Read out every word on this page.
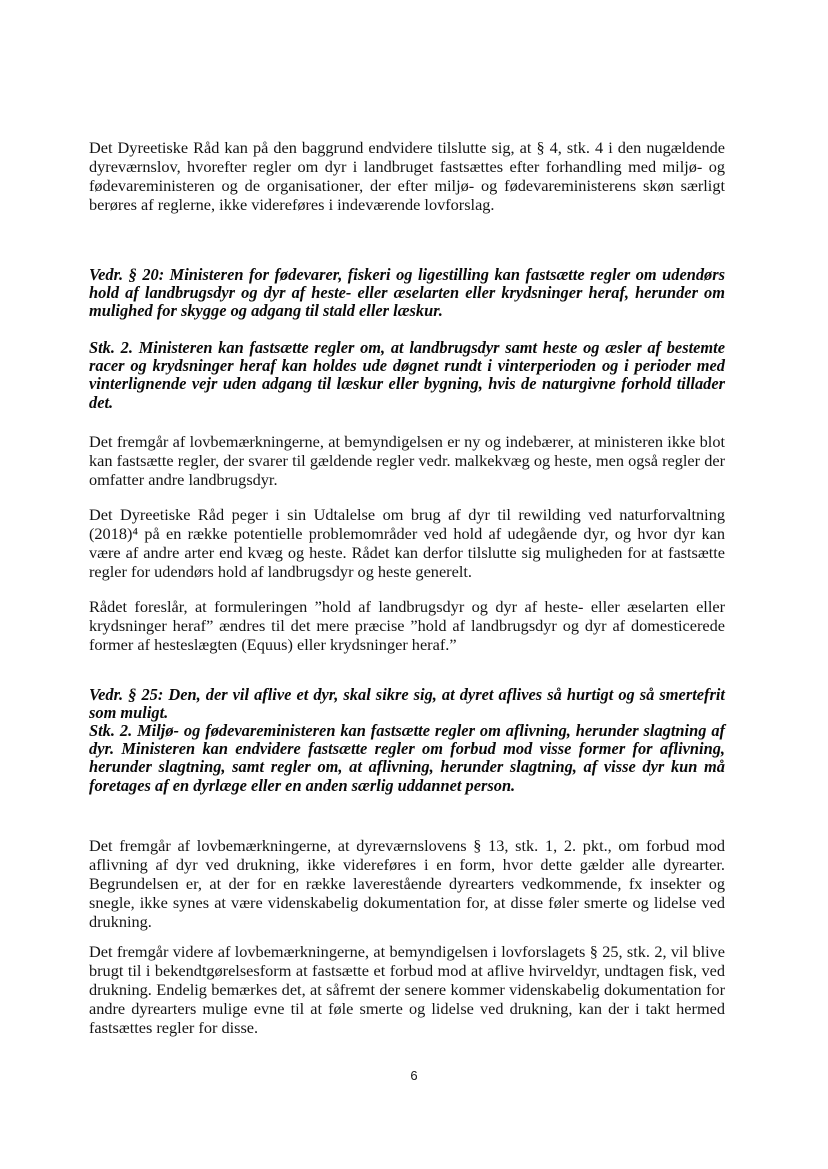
Det Dyreetiske Råd kan på den baggrund endvidere tilslutte sig, at § 4, stk. 4 i den nugældende dyreværnslov, hvorefter regler om dyr i landbruget fastsættes efter forhandling med miljø- og fødevareministeren og de organisationer, der efter miljø- og fødevareministerens skøn særligt berøres af reglerne, ikke videreføres i indeværende lovforslag.

Vedr. § 20: Ministeren for fødevarer, fiskeri og ligestilling kan fastsætte regler om udendørs hold af landbrugsdyr og dyr af heste- eller æselarten eller krydsninger heraf, herunder om mulighed for skygge og adgang til stald eller læskur.

Stk. 2. Ministeren kan fastsætte regler om, at landbrugsdyr samt heste og æsler af bestemte racer og krydsninger heraf kan holdes ude døgnet rundt i vinterperioden og i perioder med vinterlignende vejr uden adgang til læskur eller bygning, hvis de naturgivne forhold tillader det.

Det fremgår af lovbemærkningerne, at bemyndigelsen er ny og indebærer, at ministeren ikke blot kan fastsætte regler, der svarer til gældende regler vedr. malkekvæg og heste, men også regler der omfatter andre landbrugsdyr.

Det Dyreetiske Råd peger i sin Udtalelse om brug af dyr til rewilding ved naturforvaltning (2018)⁴ på en række potentielle problemområder ved hold af udegående dyr, og hvor dyr kan være af andre arter end kvæg og heste. Rådet kan derfor tilslutte sig muligheden for at fastsætte regler for udendørs hold af landbrugsdyr og heste generelt.

Rådet foreslår, at formuleringen ”hold af landbrugsdyr og dyr af heste- eller æselarten eller krydsninger heraf” ændres til det mere præcise ”hold af landbrugsdyr og dyr af domesticerede former af hesteslægten (Equus) eller krydsninger heraf.”

Vedr. § 25: Den, der vil aflive et dyr, skal sikre sig, at dyret aflives så hurtigt og så smertefrit som muligt.

Stk. 2. Miljø- og fødevareministeren kan fastsætte regler om aflivning, herunder slagtning af dyr. Ministeren kan endvidere fastsætte regler om forbud mod visse former for aflivning, herunder slagtning, samt regler om, at aflivning, herunder slagtning, af visse dyr kun må foretages af en dyrlæge eller en anden særlig uddannet person.

Det fremgår af lovbemærkningerne, at dyreværnslovens § 13, stk. 1, 2. pkt., om forbud mod aflivning af dyr ved drukning, ikke videreføres i en form, hvor dette gælder alle dyrearter. Begrundelsen er, at der for en række laverestående dyrearters vedkommende, fx insekter og snegle, ikke synes at være videnskabelig dokumentation for, at disse føler smerte og lidelse ved drukning.

Det fremgår videre af lovbemærkningerne, at bemyndigelsen i lovforslagets § 25, stk. 2, vil blive brugt til i bekendtgørelsesform at fastsætte et forbud mod at aflive hvirveldyr, undtagen fisk, ved drukning. Endelig bemærkes det, at såfremt der senere kommer videnskabelig dokumentation for andre dyrearters mulige evne til at føle smerte og lidelse ved drukning, kan der i takt hermed fastsættes regler for disse.

6
